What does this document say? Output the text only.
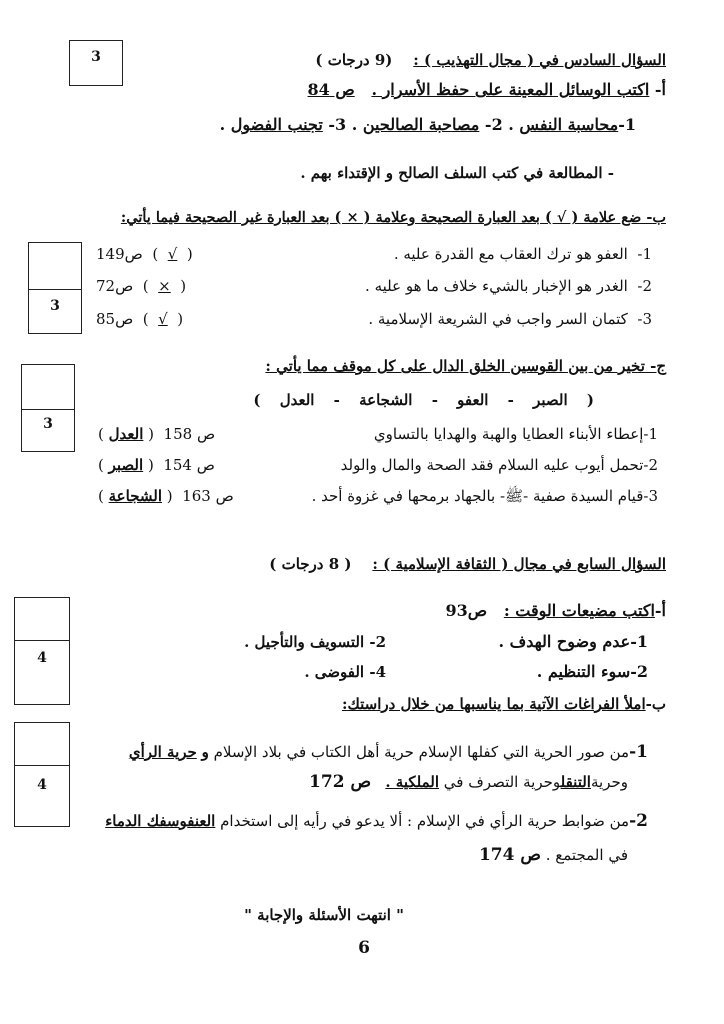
3	السؤال السادس في ( مجال التهذيب ) :    (9 درجات )
أ- اكتب الوسائل المعينة على حفظ الأسرار .   ص 84
1-محاسبة النفس . 2- مصاحبة الصالحين . 3- تجنب الفضول .
- المطالعة في كتب السلف الصالح و الإقتداء بهم .
ب- ضع علامة ( √ ) بعد العبارة الصحيحة وعلامة ( × ) بعد العبارة غير الصحيحة فيما يأتي:
3
1-  العفو هو ترك العقاب مع القدرة عليه .
ص149  (  √  )
2-  الغدر هو الإخبار بالشيء خلاف ما هو عليه .
ص72  (  ×  )
3-  كتمان السر واجب في الشريعة الإسلامية .
ص85  (  √  )
ج- تخير من بين القوسين الخلق الدال على كل موقف مما يأتي :
( الصبر - العفو - الشجاعة - العدل )
3
1-إعطاء الأبناء العطايا والهبة والهدايا بالتساوي
ص 158  ( العدل )
2-تحمل أيوب عليه السلام فقد الصحة والمال والولد
ص 154  ( الصبر )
3-قيام السيدة صفية -ﷺ- بالجهاد برمحها في غزوة أحد .
ص 163  ( الشجاعة )
السؤال السابع في مجال ( الثقافة الإسلامية ) :    ( 8 درجات )
أ-اكتب مضيعات الوقت :   ص93
4
1-عدم وضوح الهدف .
2- التسويف والتأجيل .
2-سوء التنظيم .
4- الفوضى .
ب-املأ الفراغات الآتية بما يناسبها من خلال دراستك:
4
1-من صور الحرية التي كفلها الإسلام حرية أهل الكتاب في بلاد الإسلام و حرية الرأي
وحريةالتنقلوحرية التصرف في الملكية .   ص 172
2-من ضوابط حرية الرأي في الإسلام : ألا يدعو في رأيه إلى استخدام العنفوسفك الدماء
في المجتمع . ص 174
" انتهت الأسئلة والإجابة "
6
